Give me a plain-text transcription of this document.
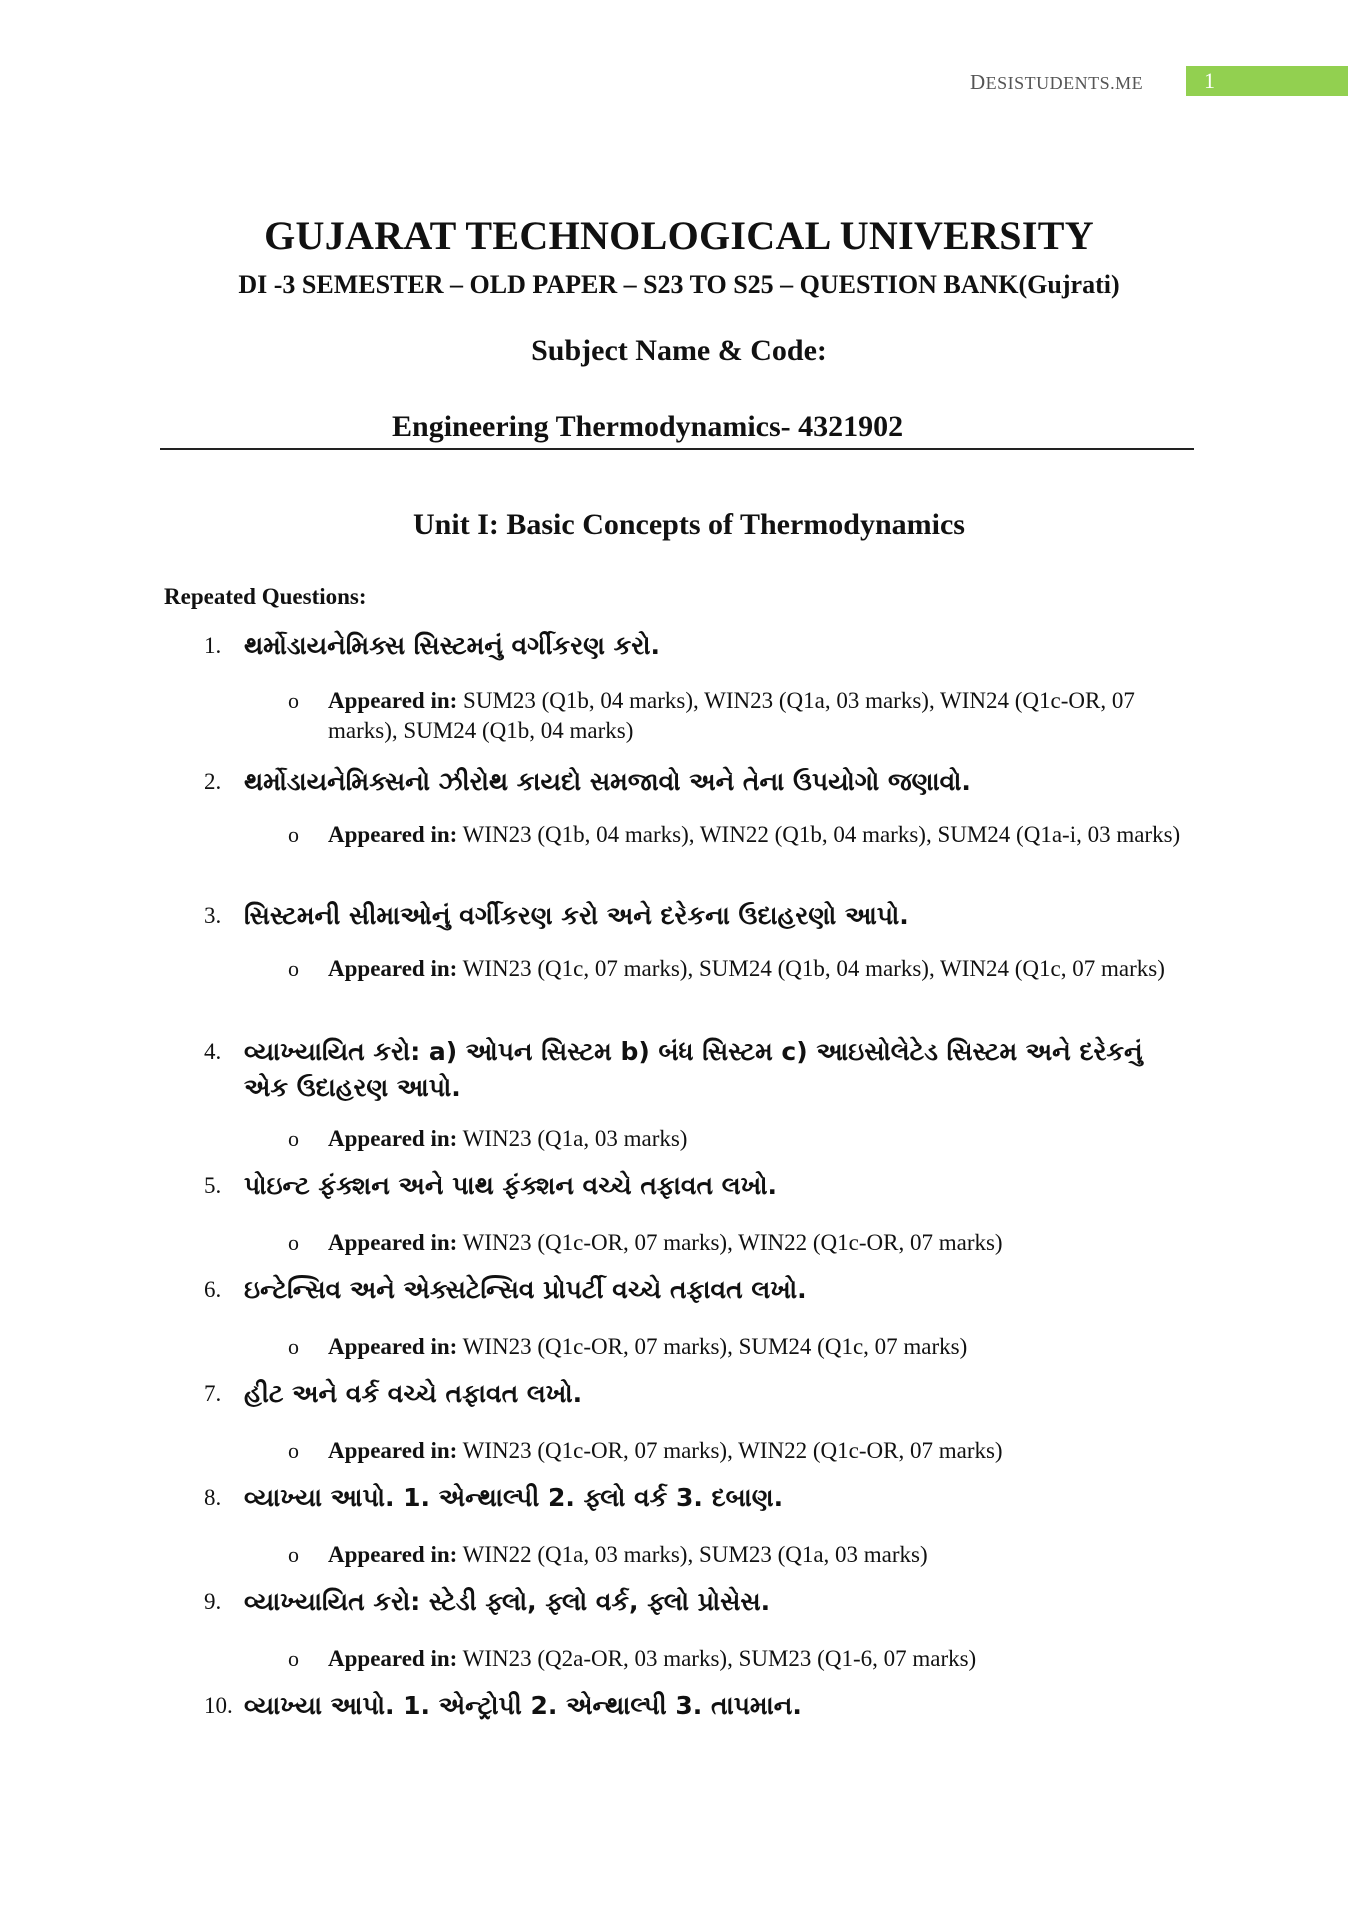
DESISTUDENTS.ME	1
GUJARAT TECHNOLOGICAL UNIVERSITY
DI -3 SEMESTER – OLD PAPER – S23 TO S25 – QUESTION BANK(Gujrati)
Subject Name & Code:
Engineering Thermodynamics- 4321902
Unit I: Basic Concepts of Thermodynamics
Repeated Questions:
1. થર્મોડાયનેમિક્સ સિસ્ટમનું વર્ગીકરણ કરો.
o Appeared in: SUM23 (Q1b, 04 marks), WIN23 (Q1a, 03 marks), WIN24 (Q1c-OR, 07 marks), SUM24 (Q1b, 04 marks)
2. થર્મોડાયનેમિક્સનો ઝીરોથ કાયદો સમજાવો અને તેના ઉપયોગો જણાવો.
o Appeared in: WIN23 (Q1b, 04 marks), WIN22 (Q1b, 04 marks), SUM24 (Q1a-i, 03 marks)
3. સિસ્ટમની સીમાઓનું વર્ગીકરણ કરો અને દરેકના ઉદાહરણો આપો.
o Appeared in: WIN23 (Q1c, 07 marks), SUM24 (Q1b, 04 marks), WIN24 (Q1c, 07 marks)
4. વ્યાખ્યાયિત કરો: a) ઓપન સિસ્ટમ b) બંધ સિસ્ટમ c) આઇસોલેટેડ સિસ્ટમ અને દરેકનું એક ઉદાહરણ આપો.
o Appeared in: WIN23 (Q1a, 03 marks)
5. પોઇન્ટ ફંક્શન અને પાથ ફંક્શન વચ્ચે તફાવત લખો.
o Appeared in: WIN23 (Q1c-OR, 07 marks), WIN22 (Q1c-OR, 07 marks)
6. ઇન્ટેન્સિવ અને એક્સટેન્સિવ પ્રોપર્ટી વચ્ચે તફાવત લખો.
o Appeared in: WIN23 (Q1c-OR, 07 marks), SUM24 (Q1c, 07 marks)
7. હીટ અને વર્ક વચ્ચે તફાવત લખો.
o Appeared in: WIN23 (Q1c-OR, 07 marks), WIN22 (Q1c-OR, 07 marks)
8. વ્યાખ્યા આપો. 1. એન્થાલ્પી 2. ફ્લો વર્ક 3. દબાણ.
o Appeared in: WIN22 (Q1a, 03 marks), SUM23 (Q1a, 03 marks)
9. વ્યાખ્યાયિત કરો: સ્ટેડી ફ્લો, ફ્લો વર્ક, ફ્લો પ્રોસેસ.
o Appeared in: WIN23 (Q2a-OR, 03 marks), SUM23 (Q1-6, 07 marks)
10. વ્યાખ્યા આપો. 1. એન્ટ્રોપી 2. એન્થાલ્પી 3. તાપમાન.
